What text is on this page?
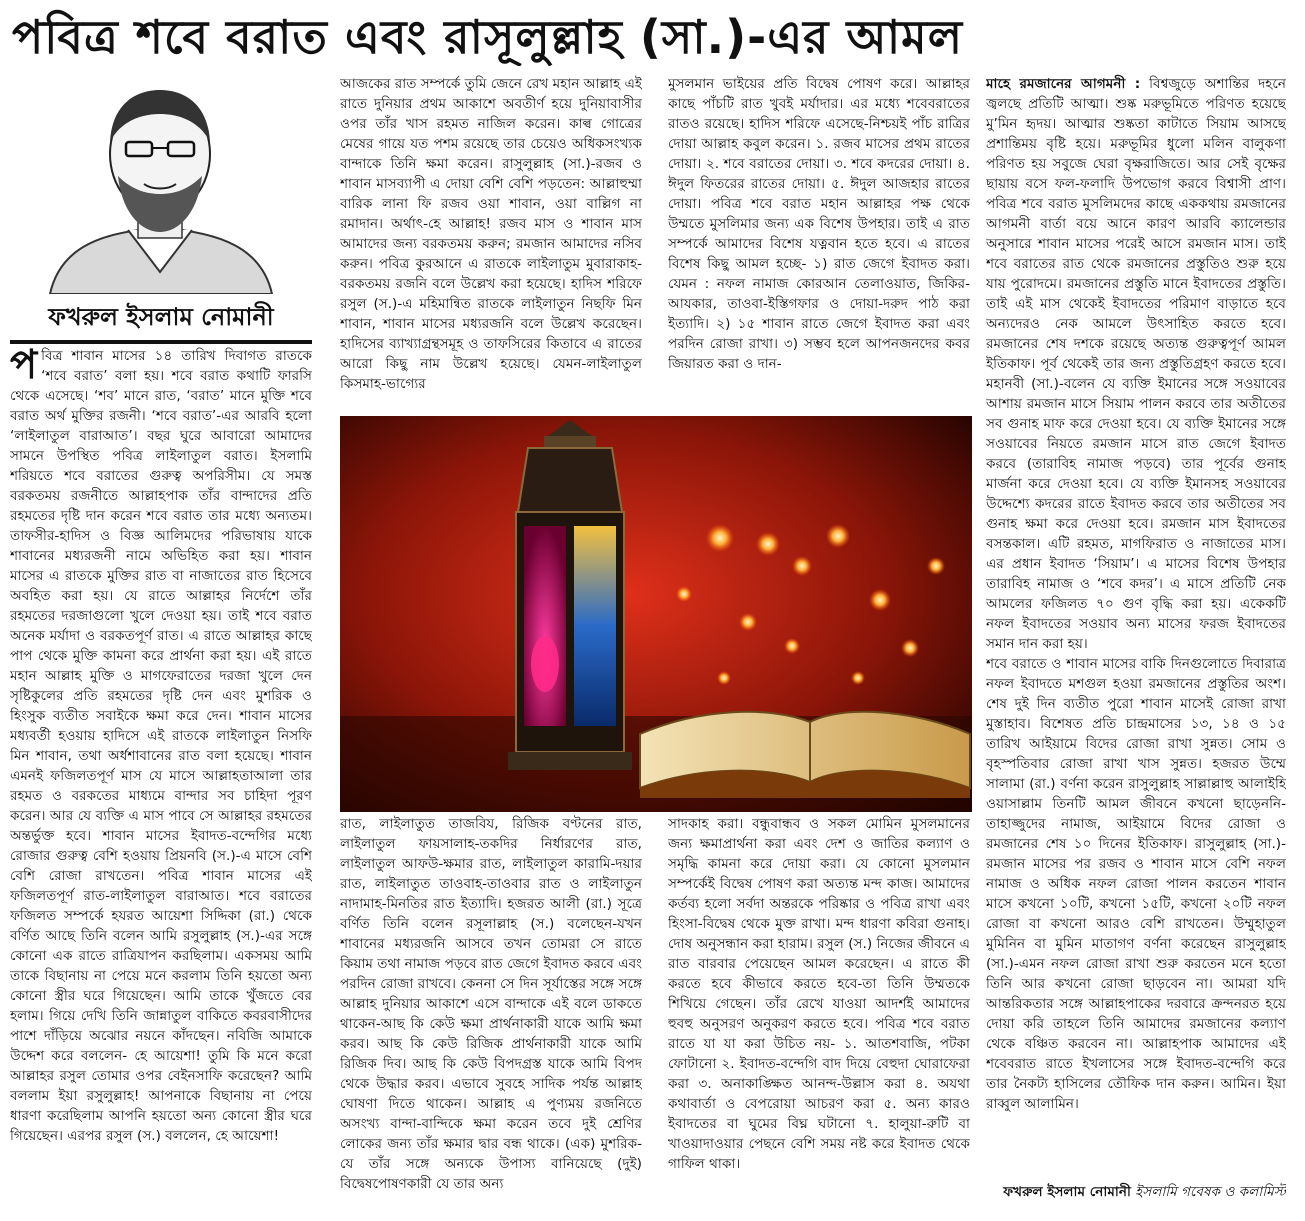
পবিত্র শবে বরাত এবং রাসূলুল্লাহ (সা.)-এর আমল
ফখরুল ইসলাম নোমানী
প বিত্র শাবান মাসের ১৪ তারিখ দিবাগত রাতকে ‘শবে বরাত’ বলা হয়। শবে বরাত কথাটি ফারসি থেকে এসেছে। ‘শব’ মানে রাত, ‘বরাত’ মানে মুক্তি শবে বরাত অর্থ মুক্তির রজনী। ‘শবে বরাত’-এর আরবি হলো ‘লাইলাতুল বারাআত’। বছর ঘুরে আবারো আমাদের সামনে উপস্থিত পবিত্র লাইলাতুল বরাত। ইসলামি শরিয়তে শবে বরাতের গুরুত্ব অপরিসীম। যে সমস্ত বরকতময় রজনীতে আল্লাহপাক তাঁর বান্দাদের প্রতি রহমতের দৃষ্টি দান করেন শবে বরাত তার মধ্যে অন্যতম। তাফসীর-হাদিস ও বিজ্ঞ আলিমদের পরিভাষায় যাকে শাবানের মধ্যরজনী নামে অভিহিত করা হয়। শাবান মাসের এ রাতকে মুক্তির রাত বা নাজাতের রাত হিসেবে অবহিত করা হয়। যে রাতে আল্লাহর নির্দেশে তাঁর রহমতের দরজাগুলো খুলে দেওয়া হয়। তাই শবে বরাত অনেক মর্যাদা ও বরকতপূর্ণ রাত। এ রাতে আল্লাহর কাছে পাপ থেকে মুক্তি কামনা করে প্রার্থনা করা হয়। এই রাতে মহান আল্লাহ মুক্তি ও মাগফেরাতের দরজা খুলে দেন সৃষ্টিকুলের প্রতি রহমতের দৃষ্টি দেন এবং মুশরিক ও হিংসুক ব্যতীত সবাইকে ক্ষমা করে দেন। শাবান মাসের মধ্যবর্তী হওয়ায় হাদিসে এই রাতকে লাইলাতুন নিসফি মিন শাবান, তথা অর্ধশাবানের রাত বলা হয়েছে। শাবান এমনই ফজিলতপূর্ণ মাস যে মাসে আল্লাহতাআলা তার রহমত ও বরকতের মাধ্যমে বান্দার সব চাহিদা পূরণ করেন। আর যে ব্যক্তি এ মাস পাবে সে আল্লাহর রহমতের অন্তর্ভুক্ত হবে। শাবান মাসের ইবাদত-বন্দেগির মধ্যে রোজার গুরুত্ব বেশি হওয়ায় প্রিয়নবি (স.)-এ মাসে বেশি বেশি রোজা রাখতেন। পবিত্র শাবান মাসের এই ফজিলতপূর্ণ রাত-লাইলাতুল বারাআত। শবে বরাতের ফজিলত সম্পর্কে হযরত আয়েশা সিদ্দিকা (রা.) থেকে বর্ণিত আছে তিনি বলেন আমি রসুলুল্লাহ (স.)-এর সঙ্গে কোনো এক রাতে রাত্রিযাপন করছিলাম। একসময় আমি তাকে বিছানায় না পেয়ে মনে করলাম তিনি হয়তো অন্য কোনো স্ত্রীর ঘরে গিয়েছেন। আমি তাকে খুঁজতে বের হলাম। গিয়ে দেখি তিনি জান্নাতুল বাকিতে কবরবাসীদের পাশে দাঁড়িয়ে অঝোর নয়নে কাঁদছেন। নবিজি আমাকে উদ্দেশ করে বললেন- হে আয়েশা! তুমি কি মনে করো আল্লাহর রসুল তোমার ওপর বেইনসাফি করেছেন? আমি বললাম ইয়া রসুলুল্লাহ! আপনাকে বিছানায় না পেয়ে ধারণা করেছিলাম আপনি হয়তো অন্য কোনো স্ত্রীর ঘরে গিয়েছেন। এরপর রসুল (স.) বললেন, হে আয়েশা!

আজকের রাত সম্পর্কে তুমি জেনে রেখ মহান আল্লাহ এই রাতে দুনিয়ার প্রথম আকাশে অবতীর্ণ হয়ে দুনিয়াবাসীর ওপর তাঁর খাস রহমত নাজিল করেন। কাল্ব গোত্রের মেষের গায়ে যত পশম রয়েছে তার চেয়েও অধিকসংখ্যক বান্দাকে তিনি ক্ষমা করেন। রাসুলুল্লাহ (সা.)-রজব ও শাবান মাসব্যাপী এ দোয়া বেশি বেশি পড়তেন: আল্লাহুম্মা বারিক লানা ফি রজব ওয়া শাবান, ওয়া বাল্লিগ না রমাদান। অর্থাৎ-হে আল্লাহ! রজব মাস ও শাবান মাস আমাদের জন্য বরকতময় করুন; রমজান আমাদের নসিব করুন। পবিত্র কুরআনে এ রাতকে লাইলাতুম মুবারাকাহ-বরকতময় রজনি বলে উল্লেখ করা হয়েছে। হাদিস শরিফে রসুল (স.)-এ মহিমান্বিত রাতকে লাইলাতুন নিছফি মিন শাবান, শাবান মাসের মধ্যরজনি বলে উল্লেখ করেছেন। হাদিসের ব্যাখ্যাগ্রন্থসমূহ ও তাফসিরের কিতাবে এ রাতের আরো কিছু নাম উল্লেখ হয়েছে। যেমন-লাইলাতুল কিসমাহ-ভাগ্যের

মুসলমান ভাইয়ের প্রতি বিদ্বেষ পোষণ করে। আল্লাহর কাছে পাঁচটি রাত খুবই মর্যাদার। এর মধ্যে শবেবরাতের রাতও রয়েছে। হাদিস শরিফে এসেছে-নিশ্চয়ই পাঁচ রাত্রির দোয়া আল্লাহ কবুল করেন। ১. রজব মাসের প্রথম রাতের দোয়া। ২. শবে বরাতের দোয়া। ৩. শবে কদরের দোয়া। ৪. ঈদুল ফিতরের রাতের দোয়া। ৫. ঈদুল আজহার রাতের দোয়া। পবিত্র শবে বরাত মহান আল্লাহর পক্ষ থেকে উম্মতে মুসলিমার জন্য এক বিশেষ উপহার। তাই এ রাত সম্পর্কে আমাদের বিশেষ যত্নবান হতে হবে। এ রাতের বিশেষ কিছু আমল হচ্ছে- ১) রাত জেগে ইবাদত করা। যেমন : নফল নামাজ কোরআন তেলাওয়াত, জিকির-আযকার, তাওবা-ইস্তিগফার ও দোয়া-দরুদ পাঠ করা ইত্যাদি। ২) ১৫ শাবান রাতে জেগে ইবাদত করা এবং পরদিন রোজা রাখা। ৩) সম্ভব হলে আপনজনদের কবর জিয়ারত করা ও দান-

রাত, লাইলাতুত তাজবিয, রিজিক বণ্টনের রাত, লাইলাতুল ফায়সালাহ-তকদির নির্ধারণের রাত, লাইলাতুল আফউ-ক্ষমার রাত, লাইলাতুল কারামি-দয়ার রাত, লাইলাতুত তাওবাহ-তাওবার রাত ও লাইলাতুন নাদামাহ-মিনতির রাত ইত্যাদি। হজরত আলী (রা.) সূত্রে বর্ণিত তিনি বলেন রসূলাল্লাহ (স.) বলেছেন-যখন শাবানের মধ্যরজনি আসবে তখন তোমরা সে রাতে কিয়াম তথা নামাজ পড়বে রাত জেগে ইবাদত করবে এবং পরদিন রোজা রাখবে। কেননা সে দিন সূর্যাস্তের সঙ্গে সঙ্গে আল্লাহ দুনিয়ার আকাশে এসে বান্দাকে এই বলে ডাকতে থাকেন-আছ কি কেউ ক্ষমা প্রার্থনাকারী যাকে আমি ক্ষমা করব। আছ কি কেউ রিজিক প্রার্থনাকারী যাকে আমি রিজিক দিব। আছ কি কেউ বিপদগ্রস্ত যাকে আমি বিপদ থেকে উদ্ধার করব। এভাবে সুবহে সাদিক পর্যন্ত আল্লাহ ঘোষণা দিতে থাকেন। আল্লাহ এ পুণ্যময় রজনিতে অসংখ্য বান্দা-বান্দিকে ক্ষমা করেন তবে দুই শ্রেণির লোকের জন্য তাঁর ক্ষমার দ্বার বন্ধ থাকে। (এক) মুশরিক-যে তাঁর সঙ্গে অন্যকে উপাস্য বানিয়েছে (দুই) বিদ্বেষপোষণকারী যে তার অন্য

সাদকাহ করা। বন্ধুবান্ধব ও সকল মোমিন মুসলমানের জন্য ক্ষমাপ্রার্থনা করা এবং দেশ ও জাতির কল্যাণ ও সমৃদ্ধি কামনা করে দোয়া করা। যে কোনো মুসলমান সম্পর্কেই বিদ্বেষ পোষণ করা অত্যন্ত মন্দ কাজ। আমাদের কর্তব্য হলো সর্বদা অন্তরকে পরিষ্কার ও পবিত্র রাখা এবং হিংসা-বিদ্বেষ থেকে মুক্ত রাখা। মন্দ ধারণা কবিরা গুনাহ। দোষ অনুসন্ধান করা হারাম। রসুল (স.) নিজের জীবনে এ রাত বারবার পেয়েছেন আমল করেছেন। এ রাতে কী করতে হবে কীভাবে করতে হবে-তা তিনি উম্মতকে শিখিয়ে গেছেন। তাঁর রেখে যাওয়া আদর্শই আমাদের হুবহু অনুসরণ অনুকরণ করতে হবে। পবিত্র শবে বরাত রাতে যা যা করা উচিত নয়- ১. আতশবাজি, পটকা ফোটানো ২. ইবাদত-বন্দেগি বাদ দিয়ে বেহুদা ঘোরাফেরা করা ৩. অনাকাঙ্ক্ষিত আনন্দ-উল্লাস করা ৪. অযথা কথাবার্তা ও বেপরোয়া আচরণ করা ৫. অন্য কারও ইবাদতের বা ঘুমের বিঘ্ন ঘটানো ৭. হালুয়া-রুটি বা খাওয়াদাওয়ার পেছনে বেশি সময় নষ্ট করে ইবাদত থেকে গাফিল থাকা।

মাহে রমজানের আগমনী : বিশ্বজুড়ে অশান্তির দহনে জ্বলছে প্রতিটি আত্মা। শুষ্ক মরুভূমিতে পরিণত হয়েছে মু’মিন হৃদয়। আত্মার শুষ্কতা কাটাতে সিয়াম আসছে প্রশান্তিময় বৃষ্টি হয়ে। মরুভূমির ধুলো মলিন বালুকণা পরিণত হয় সবুজে ঘেরা বৃক্ষরাজিতে। আর সেই বৃক্ষের ছায়ায় বসে ফল-ফলাদি উপভোগ করবে বিশ্বাসী প্রাণ। পবিত্র শবে বরাত মুসলিমদের কাছে এককথায় রমজানের আগমনী বার্তা বয়ে আনে কারণ আরবি ক্যালেন্ডার অনুসারে শাবান মাসের পরেই আসে রমজান মাস। তাই শবে বরাতের রাত থেকে রমজানের প্রস্তুতিও শুরু হয়ে যায় পুরোদমে। রমজানের প্রস্তুতি মানে ইবাদতের প্রস্তুতি। তাই এই মাস থেকেই ইবাদতের পরিমাণ বাড়াতে হবে অন্যদেরও নেক আমলে উৎসাহিত করতে হবে। রমজানের শেষ দশকে রয়েছে অত্যন্ত গুরুত্বপূর্ণ আমল ইতিকাফ। পূর্ব থেকেই তার জন্য প্রস্তুতিগ্রহণ করতে হবে। মহানবী (সা.)-বলেন যে ব্যক্তি ইমানের সঙ্গে সওয়াবের আশায় রমজান মাসে সিয়াম পালন করবে তার অতীতের সব গুনাহ মাফ করে দেওয়া হবে। যে ব্যক্তি ইমানের সঙ্গে সওয়াবের নিয়তে রমজান মাসে রাত জেগে ইবাদত করবে (তারাবিহ নামাজ পড়বে) তার পূর্বের গুনাহ মার্জনা করে দেওয়া হবে। যে ব্যক্তি ইমানসহ সওয়াবের উদ্দেশ্যে কদরের রাতে ইবাদত করবে তার অতীতের সব গুনাহ ক্ষমা করে দেওয়া হবে। রমজান মাস ইবাদতের বসন্তকাল। এটি রহমত, মাগফিরাত ও নাজাতের মাস। এর প্রধান ইবাদত ‘সিয়াম’। এ মাসের বিশেষ উপহার তারাবিহ নামাজ ও ‘শবে কদর’। এ মাসে প্রতিটি নেক আমলের ফজিলত ৭০ গুণ বৃদ্ধি করা হয়। একেকটি নফল ইবাদতের সওয়াব অন্য মাসের ফরজ ইবাদতের সমান দান করা হয়।

শবে বরাতে ও শাবান মাসের বাকি দিনগুলোতে দিবারাত্র নফল ইবাদতে মশগুল হওয়া রমজানের প্রস্তুতির অংশ। শেষ দুই দিন ব্যতীত পুরো শাবান মাসেই রোজা রাখা মুস্তাহাব। বিশেষত প্রতি চান্দ্রমাসের ১৩, ১৪ ও ১৫ তারিখ আইয়ামে বিদের রোজা রাখা সুন্নত। সোম ও বৃহস্পতিবার রোজা রাখা খাস সুন্নত। হজরত উম্মে সালামা (রা.) বর্ণনা করেন রাসুলুল্লাহ সাল্লাল্লাহু আলাইহি ওয়াসাল্লাম তিনটি আমল জীবনে কখনো ছাড়েননি-তাহাজ্জুদের নামাজ, আইয়ামে বিদের রোজা ও রমজানের শেষ ১০ দিনের ইতিকাফ। রাসুলুল্লাহ (সা.)-রমজান মাসের পর রজব ও শাবান মাসে বেশি নফল নামাজ ও অধিক নফল রোজা পালন করতেন শাবান মাসে কখনো ১০টি, কখনো ১৫টি, কখনো ২০টি নফল রোজা বা কখনো আরও বেশি রাখতেন। উম্মুহাতুল মুমিনিন বা মুমিন মাতাগণ বর্ণনা করেছেন রাসুলুল্লাহ (সা.)-এমন নফল রোজা রাখা শুরু করতেন মনে হতো তিনি আর কখনো রোজা ছাড়বেন না। আমরা যদি আন্তরিকতার সঙ্গে আল্লাহপাকের দরবারে ক্রন্দনরত হয়ে দোয়া করি তাহলে তিনি আমাদের রমজানের কল্যাণ থেকে বঞ্চিত করবেন না। আল্লাহপাক আমাদের এই শবেবরাত রাতে ইখলাসের সঙ্গে ইবাদত-বন্দেগি করে তার নৈকট্য হাসিলের তৌফিক দান করুন। আমিন। ইয়া রাব্বুল আলামিন।

ফখরুল ইসলাম নোমানী ইসলামি গবেষক ও কলামিস্ট
